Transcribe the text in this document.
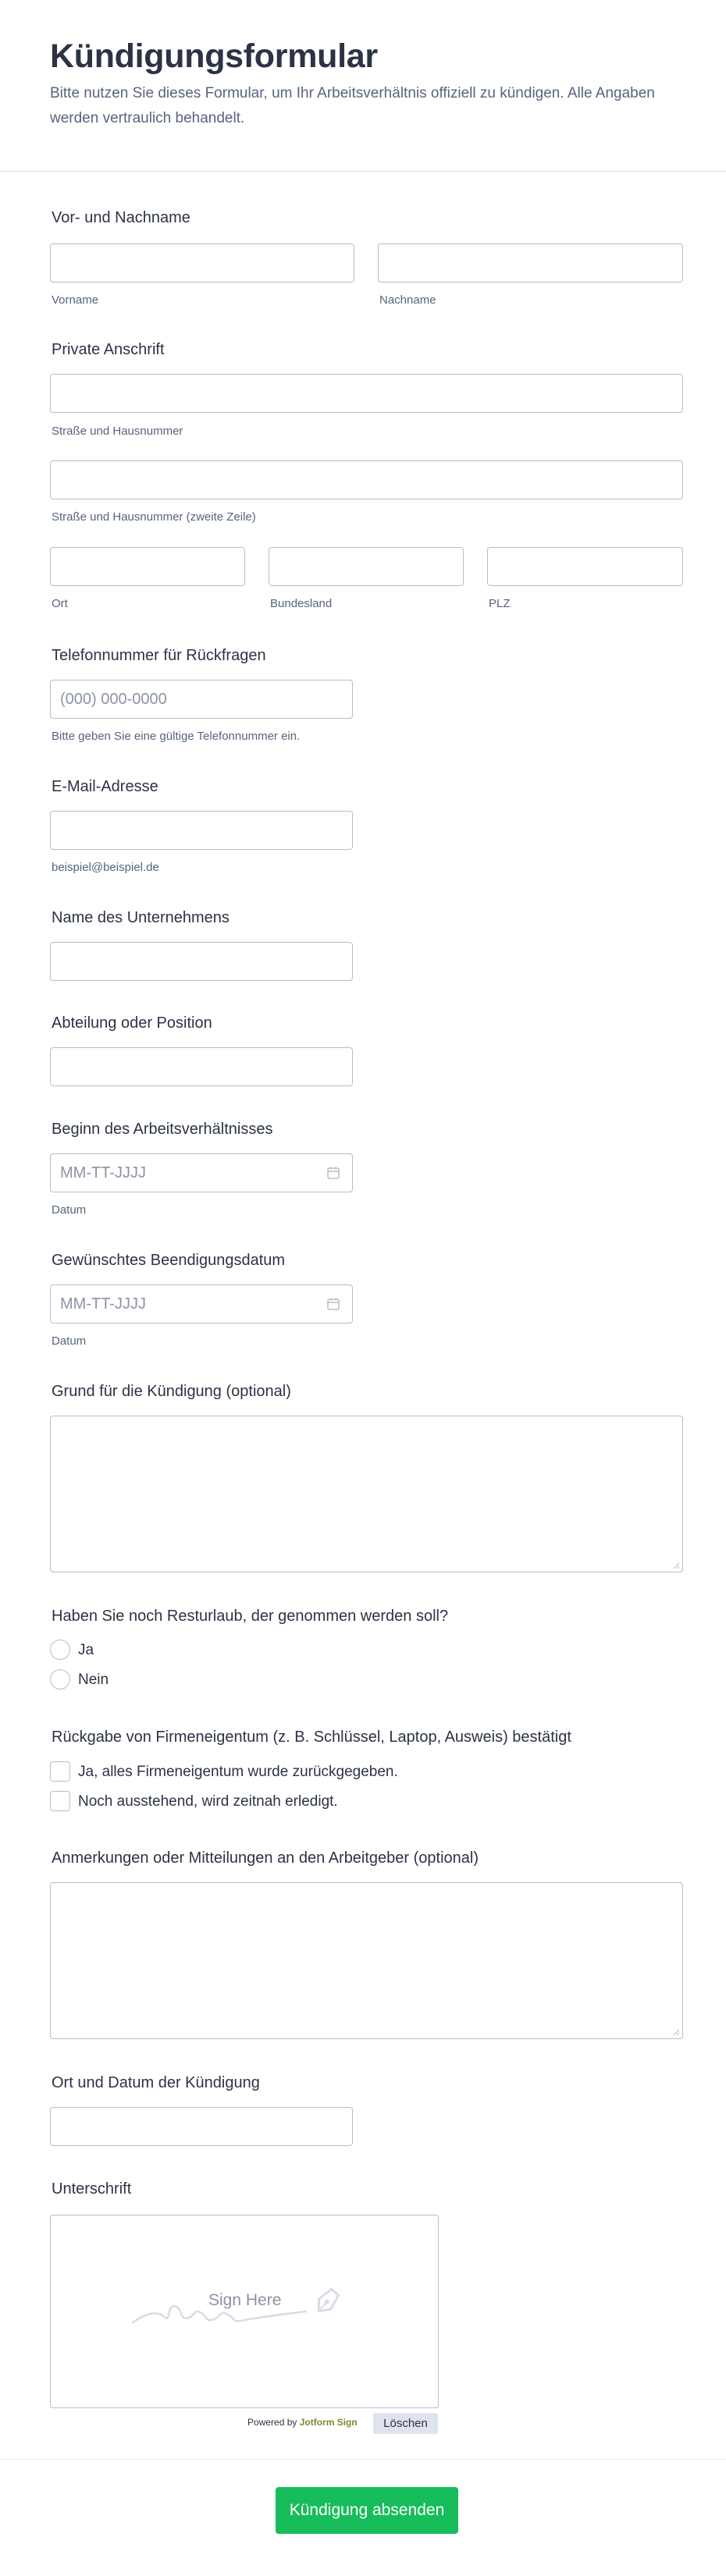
Kündigungsformular

Bitte nutzen Sie dieses Formular, um Ihr Arbeitsverhältnis offiziell zu kündigen. Alle Angaben werden vertraulich behandelt.

Vor- und Nachname
Vorname	Nachname
Private Anschrift
Straße und Hausnummer
Straße und Hausnummer (zweite Zeile)
Ort	Bundesland	PLZ
Telefonnummer für Rückfragen
(000) 000-0000
Bitte geben Sie eine gültige Telefonnummer ein.
E-Mail-Adresse
beispiel@beispiel.de
Name des Unternehmens
Abteilung oder Position
Beginn des Arbeitsverhältnisses
MM-TT-JJJJ
Datum
Gewünschtes Beendigungsdatum
MM-TT-JJJJ
Datum
Grund für die Kündigung (optional)
Haben Sie noch Resturlaub, der genommen werden soll?
Ja
Nein
Rückgabe von Firmeneigentum (z. B. Schlüssel, Laptop, Ausweis) bestätigt
Ja, alles Firmeneigentum wurde zurückgegeben.
Noch ausstehend, wird zeitnah erledigt.
Anmerkungen oder Mitteilungen an den Arbeitgeber (optional)
Ort und Datum der Kündigung
Unterschrift
Sign Here
Powered by Jotform Sign	Löschen
Kündigung absenden
